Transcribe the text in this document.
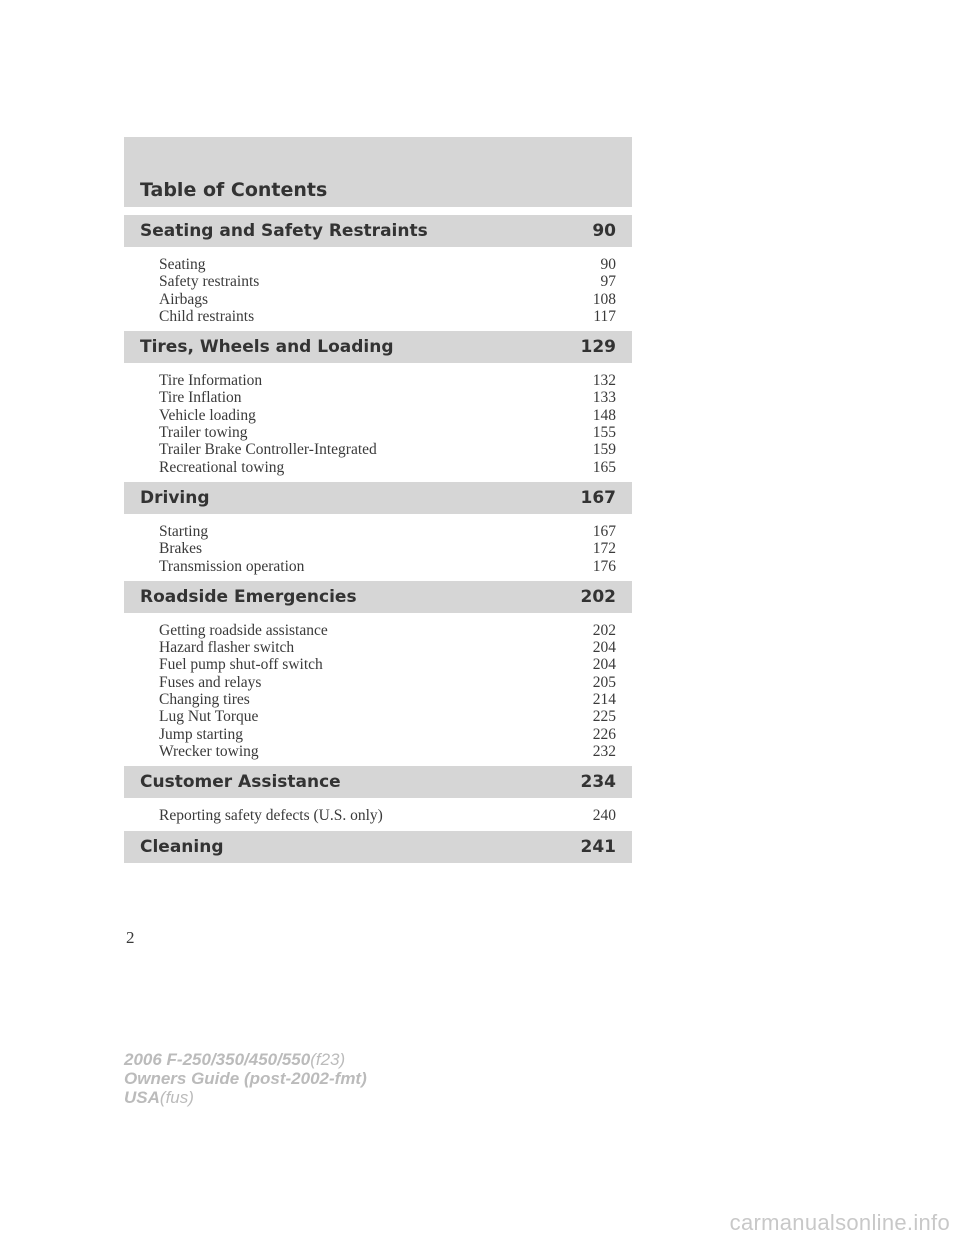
Table of Contents
Seating and Safety Restraints	90
Seating	90
Safety restraints	97
Airbags	108
Child restraints	117
Tires, Wheels and Loading	129
Tire Information	132
Tire Inflation	133
Vehicle loading	148
Trailer towing	155
Trailer Brake Controller-Integrated	159
Recreational towing	165
Driving	167
Starting	167
Brakes	172
Transmission operation	176
Roadside Emergencies	202
Getting roadside assistance	202
Hazard flasher switch	204
Fuel pump shut-off switch	204
Fuses and relays	205
Changing tires	214
Lug Nut Torque	225
Jump starting	226
Wrecker towing	232
Customer Assistance	234
Reporting safety defects (U.S. only)	240
Cleaning	241
2
2006 F-250/350/450/550(f23)
Owners Guide (post-2002-fmt)
USA(fus)
carmanualsonline.info
